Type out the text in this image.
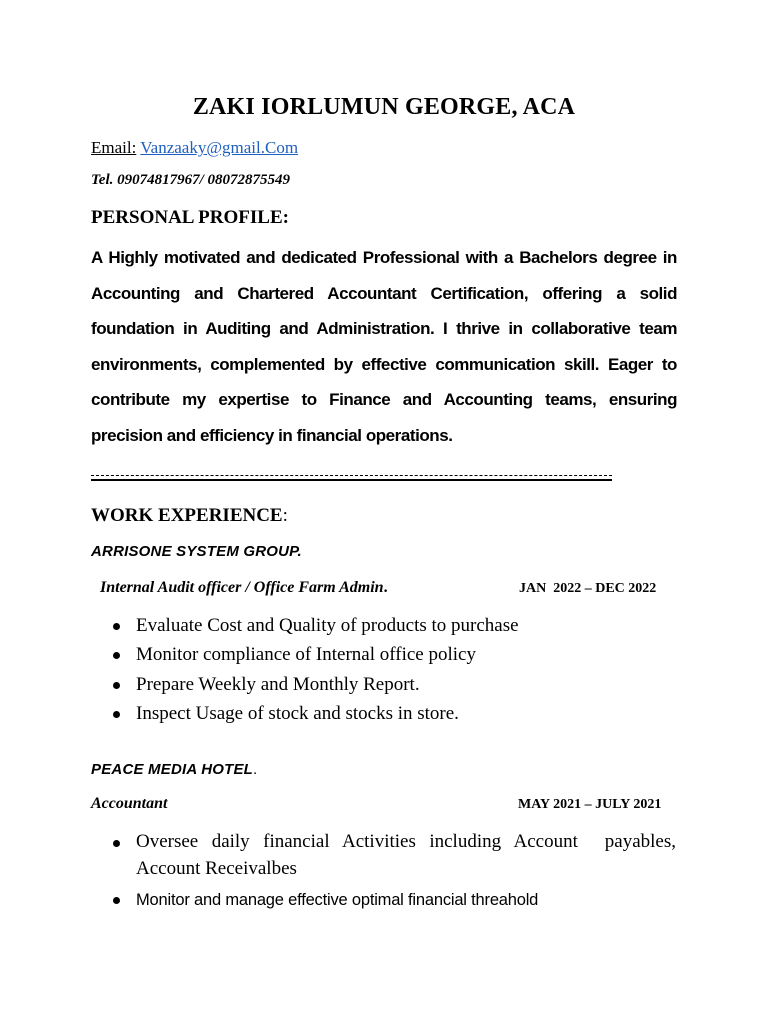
ZAKI IORLUMUN GEORGE, ACA
Email: Vanzaaky@gmail.Com
Tel. 09074817967/ 08072875549
PERSONAL PROFILE:
A Highly motivated and dedicated Professional with a Bachelors degree in Accounting and Chartered Accountant Certification, offering a solid foundation in Auditing and Administration. I thrive in collaborative team environments, complemented by effective communication skill. Eager to contribute my expertise to Finance and Accounting teams, ensuring precision and efficiency in financial operations.
WORK EXPERIENCE:
ARRISONE SYSTEM GROUP.
Internal Audit officer / Office Farm Admin.	JAN  2022 – DEC 2022
Evaluate Cost and Quality of products to purchase
Monitor compliance of Internal office policy
Prepare Weekly and Monthly Report.
Inspect Usage of stock and stocks in store.
PEACE MEDIA HOTEL.
Accountant	MAY 2021 – JULY 2021
Oversee daily financial Activities including Account  payables, Account Receivalbes
Monitor and manage effective optimal financial threahold
